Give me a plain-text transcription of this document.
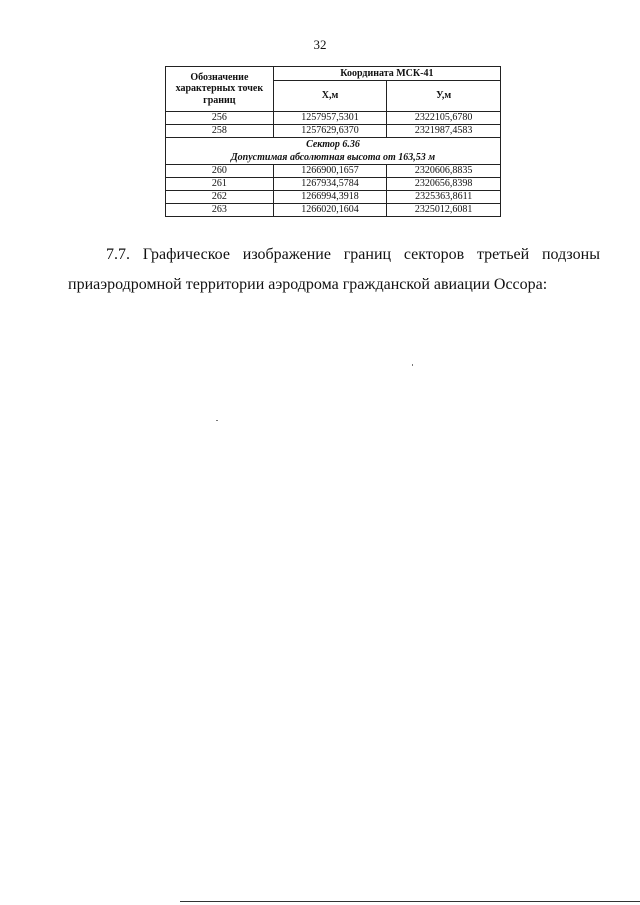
32
Обозначение характерных точек границ	Координата МСК-41	
	Х,м	У,м
256	1257957,5301	2322105,6780
258	1257629,6370	2321987,4583

Сектор 6.36
Допустимая абсолютная высота от 163,53 м		

260	1266900,1657	2320606,8835
261	1267934,5784	2320656,8398
262	1266994,3918	2325363,8611
263	1266020,1604	2325012,6081
7.7. Графическое изображение границ секторов третьей подзоны
приаэродромной территории аэродрома гражданской авиации Оссора:
